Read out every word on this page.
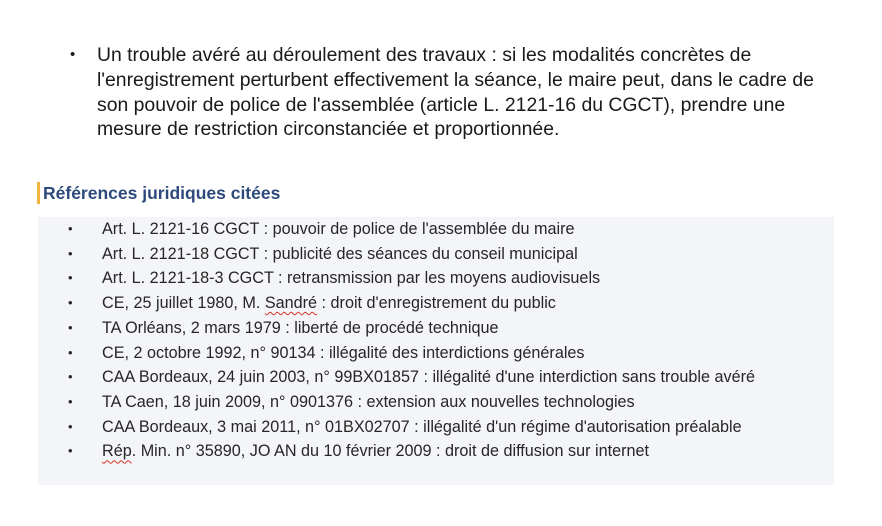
• Un trouble avéré au déroulement des travaux : si les modalités concrètes de l'enregistrement perturbent effectivement la séance, le maire peut, dans le cadre de son pouvoir de police de l'assemblée (article L. 2121-16 du CGCT), prendre une mesure de restriction circonstanciée et proportionnée.
Références juridiques citées
• Art. L. 2121-16 CGCT : pouvoir de police de l'assemblée du maire
• Art. L. 2121-18 CGCT : publicité des séances du conseil municipal
• Art. L. 2121-18-3 CGCT : retransmission par les moyens audiovisuels
• CE, 25 juillet 1980, M. Sandré : droit d'enregistrement du public
• TA Orléans, 2 mars 1979 : liberté de procédé technique
• CE, 2 octobre 1992, n° 90134 : illégalité des interdictions générales
• CAA Bordeaux, 24 juin 2003, n° 99BX01857 : illégalité d'une interdiction sans trouble avéré
• TA Caen, 18 juin 2009, n° 0901376 : extension aux nouvelles technologies
• CAA Bordeaux, 3 mai 2011, n° 01BX02707 : illégalité d'un régime d'autorisation préalable
• Rép. Min. n° 35890, JO AN du 10 février 2009 : droit de diffusion sur internet
